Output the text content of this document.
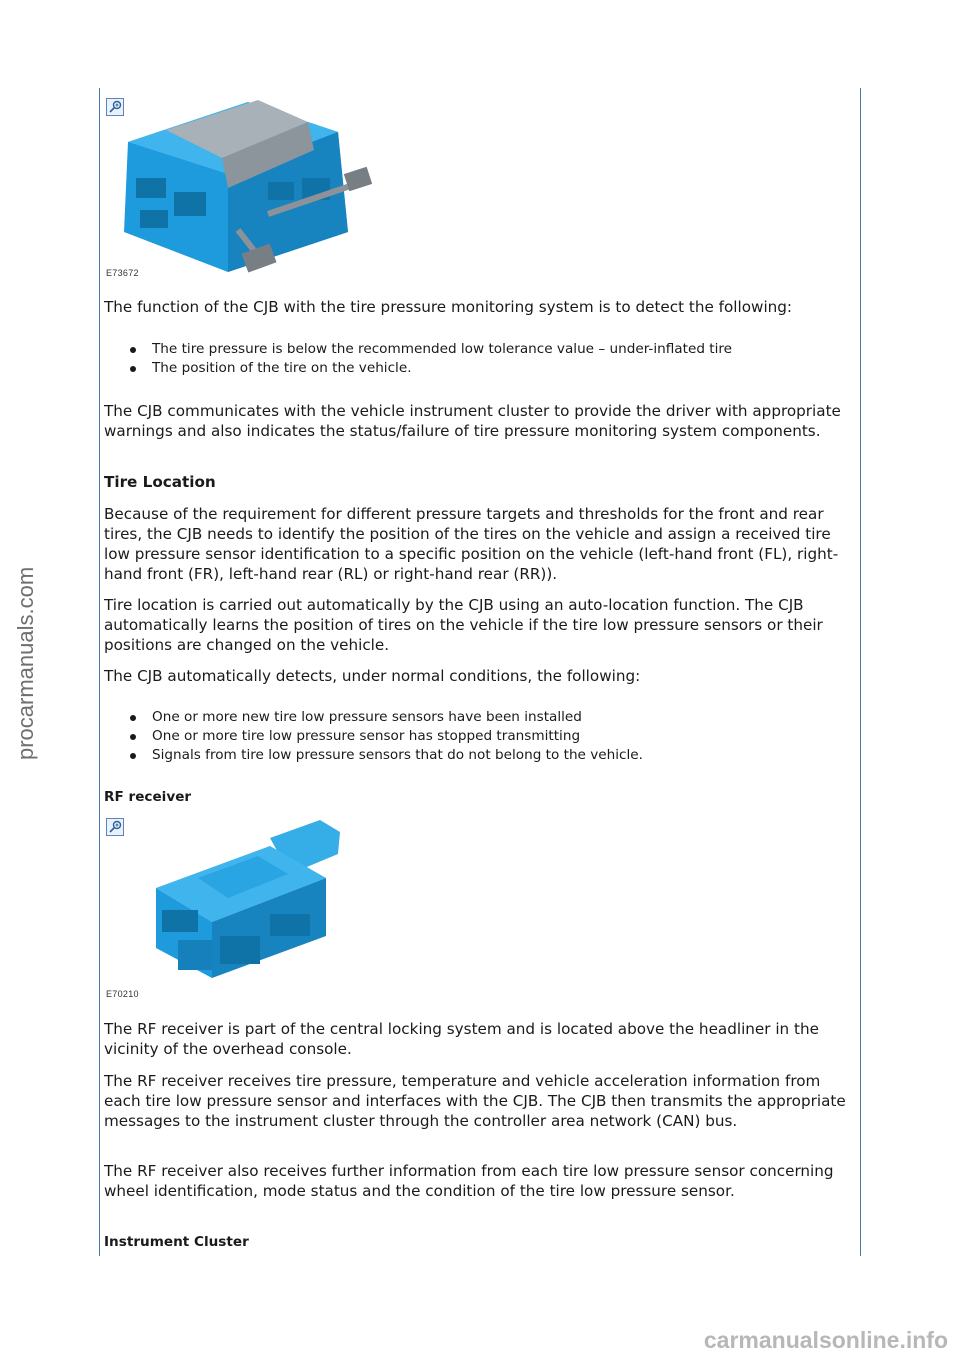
E73672

The function of the CJB with the tire pressure monitoring system is to detect the following:

The tire pressure is below the recommended low tolerance value – under-inflated tire
The position of the tire on the vehicle.

The CJB communicates with the vehicle instrument cluster to provide the driver with appropriate warnings and also indicates the status/failure of tire pressure monitoring system components.

Tire Location

Because of the requirement for different pressure targets and thresholds for the front and rear tires, the CJB needs to identify the position of the tires on the vehicle and assign a received tire low pressure sensor identification to a specific position on the vehicle (left-hand front (FL), right-hand front (FR), left-hand rear (RL) or right-hand rear (RR)).

Tire location is carried out automatically by the CJB using an auto-location function. The CJB automatically learns the position of tires on the vehicle if the tire low pressure sensors or their positions are changed on the vehicle.

The CJB automatically detects, under normal conditions, the following:

One or more new tire low pressure sensors have been installed
One or more tire low pressure sensor has stopped transmitting
Signals from tire low pressure sensors that do not belong to the vehicle.

RF receiver

E70210

The RF receiver is part of the central locking system and is located above the headliner in the vicinity of the overhead console.

The RF receiver receives tire pressure, temperature and vehicle acceleration information from each tire low pressure sensor and interfaces with the CJB. The CJB then transmits the appropriate messages to the instrument cluster through the controller area network (CAN) bus.

The RF receiver also receives further information from each tire low pressure sensor concerning wheel identification, mode status and the condition of the tire low pressure sensor.

Instrument Cluster

procarmanuals.com
carmanualsonline.info
